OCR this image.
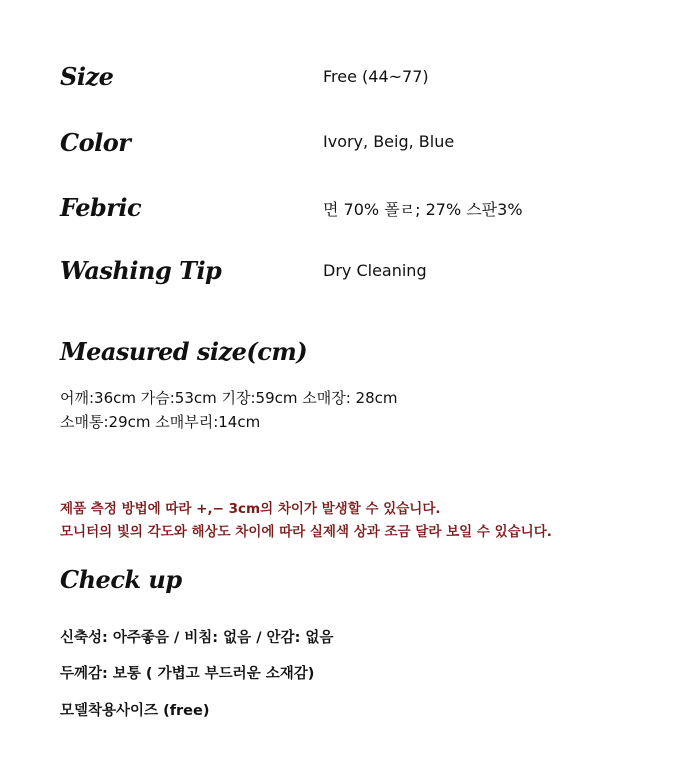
Size	Free (44~77)
Color	Ivory, Beig, Blue
Febric	면 70% 폴ㄹ; 27% 스판3%
Washing Tip	Dry Cleaning
Measured size(cm)
어깨:36cm 가슴:53cm 기장:59cm 소매장: 28cm
소매통:29cm 소매부리:14cm
제품 측정 방법에 따라 +,− 3cm의 차이가 발생할 수 있습니다.
모니터의 빛의 각도와 해상도 차이에 따라 실제색 상과 조금 달라 보일 수 있습니다.
Check up
신축성: 아주좋음 / 비침: 없음 / 안감: 없음
두께감: 보통 ( 가볍고 부드러운 소재감)
모델착용사이즈 (free)
